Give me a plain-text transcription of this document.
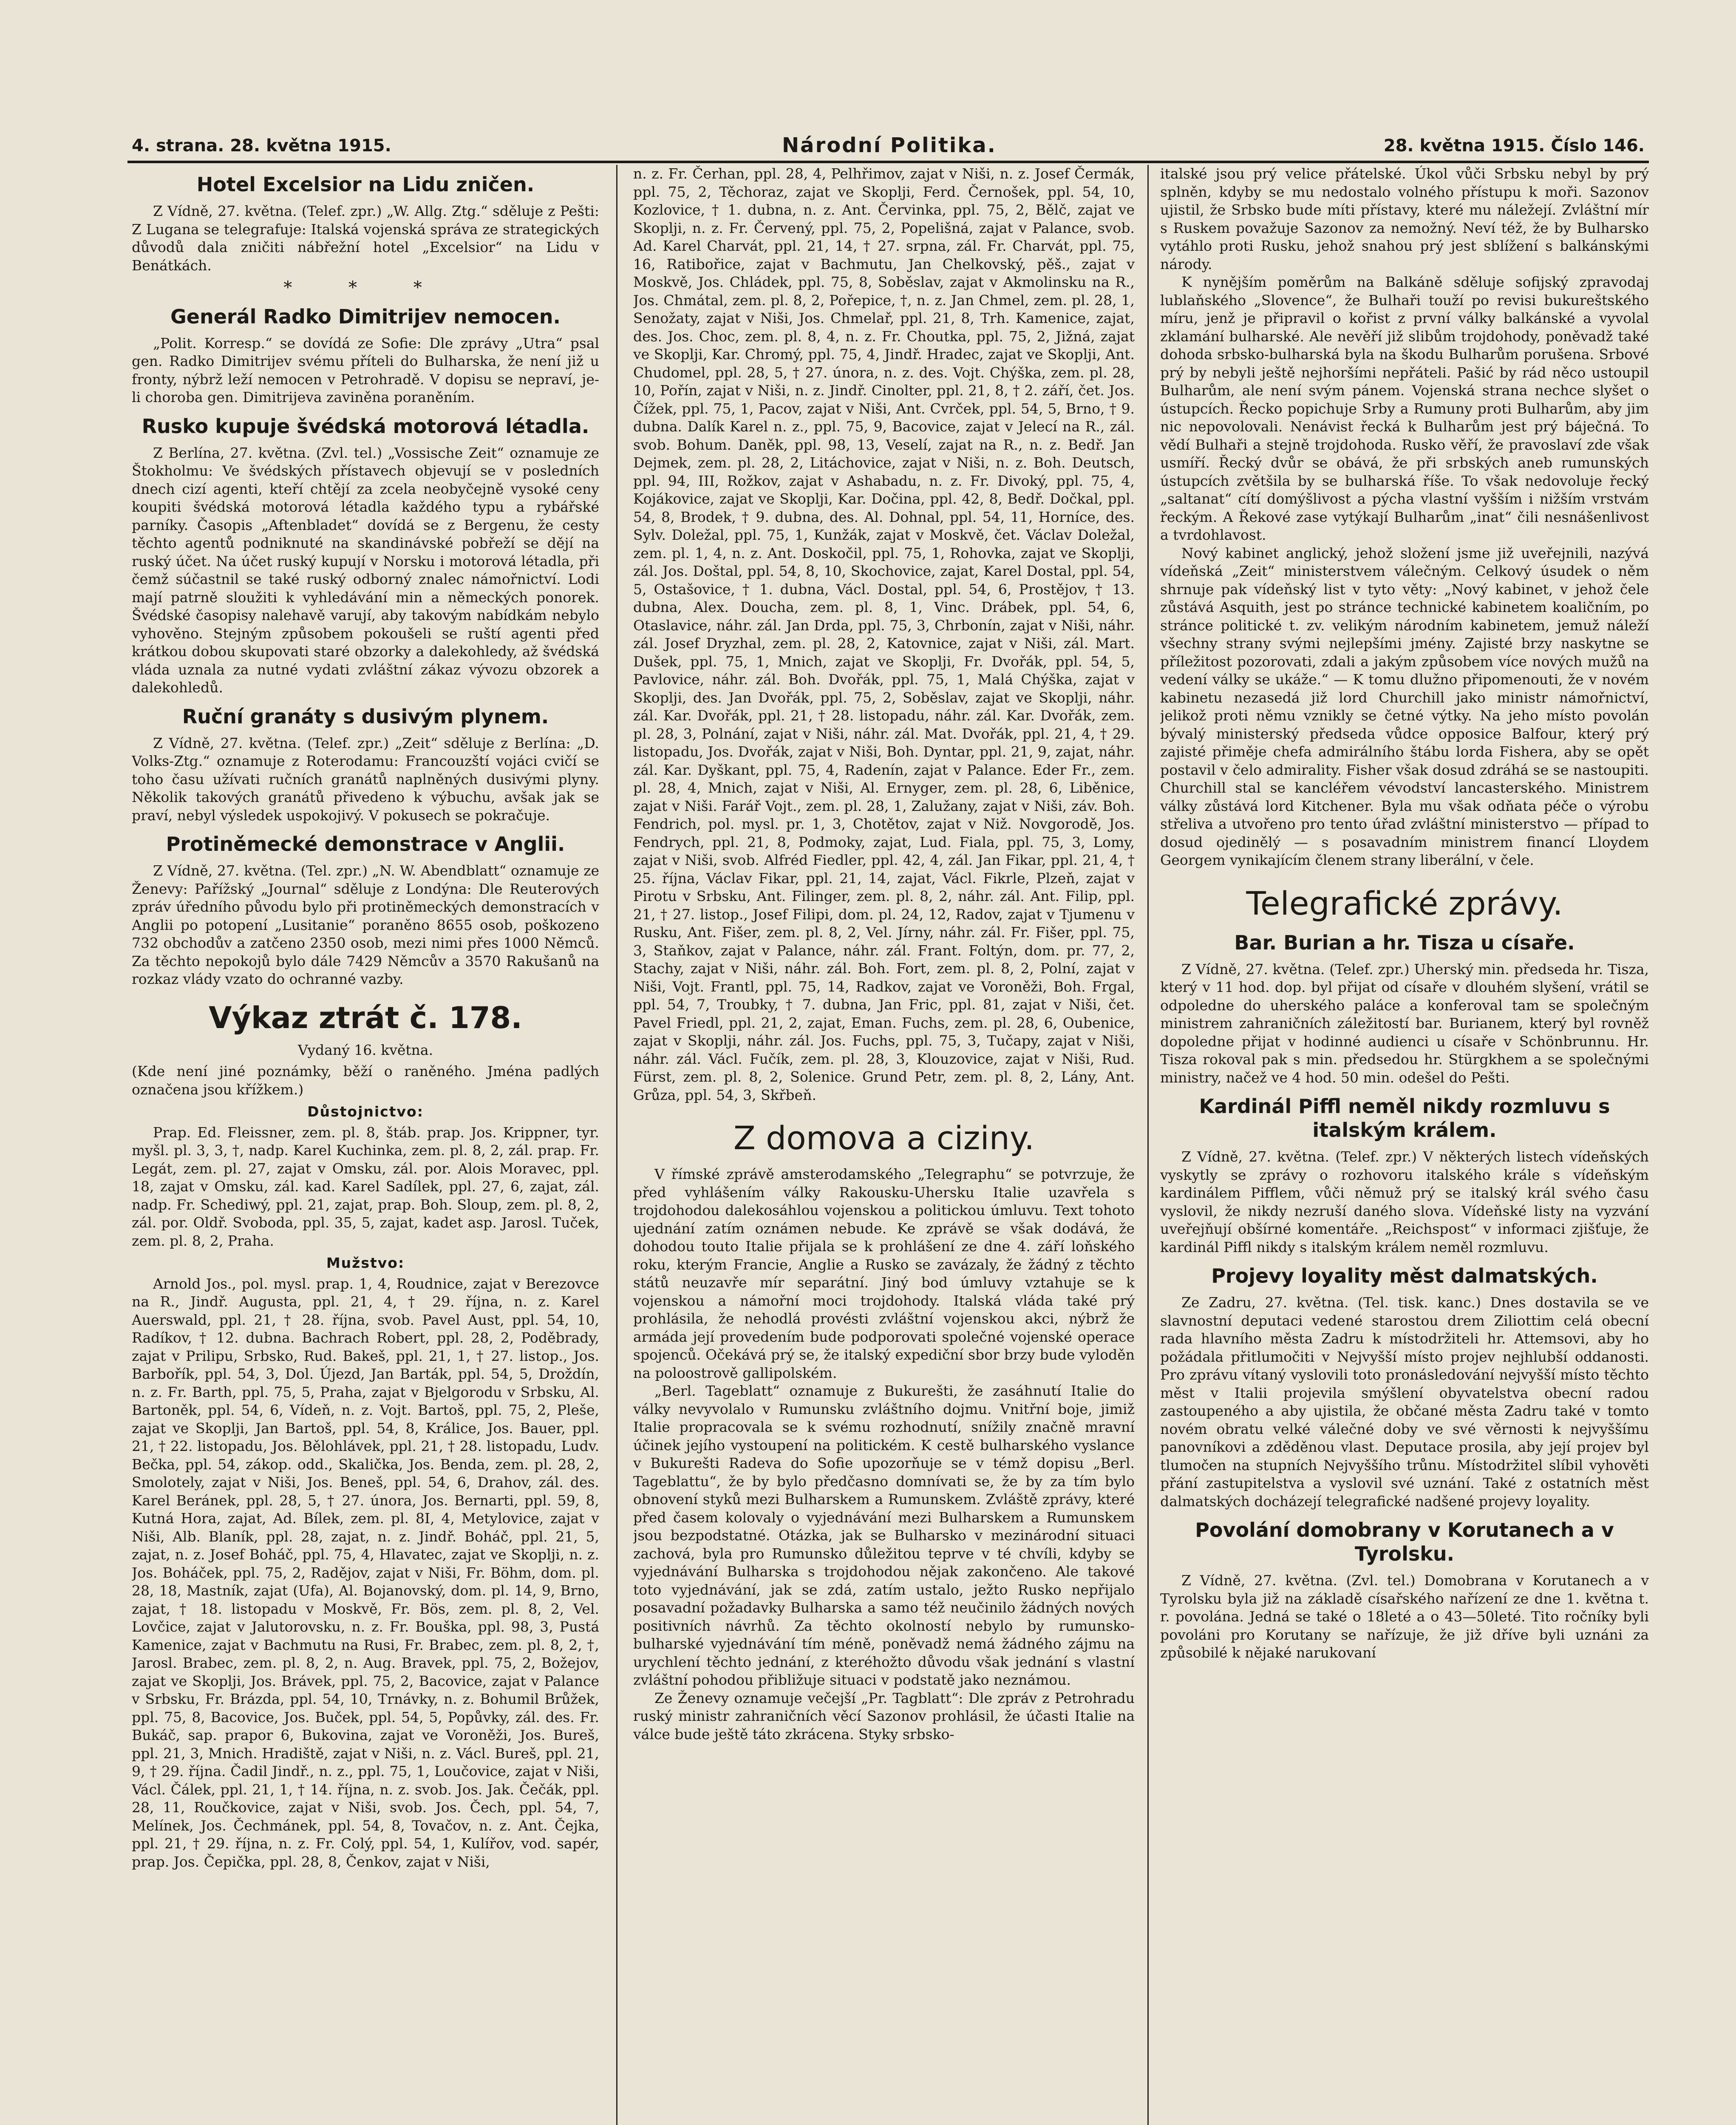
4. strana. 28. května 1915.	Národní Politika.	28. května 1915. Číslo 146.
Hotel Excelsior na Lidu zničen.

Z Vídně, 27. května. (Telef. zpr.) „W. Allg. Ztg.“ sděluje z Pešti: Z Lugana se telegrafuje: Italská vojenská správa ze strategických důvodů dala zničiti nábřežní hotel „Excelsior“ na Lidu v Benátkách.

* * *
Generál Radko Dimitrijev nemocen.

„Polit. Korresp.“ se dovídá ze Sofie: Dle zprávy „Utra“ psal gen. Radko Dimitrijev svému příteli do Bulharska, že není již u fronty, nýbrž leží nemocen v Petrohradě. V dopisu se nepraví, je-li choroba gen. Dimitrijeva zaviněna poraněním.

Rusko kupuje švédská motorová létadla.

Z Berlína, 27. května. (Zvl. tel.) „Vossische Zeit“ oznamuje ze Štokholmu: Ve švédských přístavech objevují se v posledních dnech cizí agenti, kteří chtějí za zcela neobyčejně vysoké ceny koupiti švédská motorová létadla každého typu a rybářské parníky. Časopis „Aftenbladet“ dovídá se z Bergenu, že cesty těchto agentů podniknuté na skandinávské pobřeží se dějí na ruský účet. Na účet ruský kupují v Norsku i motorová létadla, při čemž súčastnil se také ruský odborný znalec námořnictví. Lodi mají patrně sloužiti k vyhledávání min a německých ponorek. Švédské časopisy nalehavě varují, aby takovým nabídkám nebylo vyhověno. Stejným způsobem pokoušeli se ruští agenti před krátkou dobou skupovati staré obzorky a dalekohledy, až švédská vláda uznala za nutné vydati zvláštní zákaz vývozu obzorek a dalekohledů.

Ruční granáty s dusivým plynem.

Z Vídně, 27. května. (Telef. zpr.) „Zeit“ sděluje z Berlína: „D. Volks-Ztg.“ oznamuje z Roterodamu: Francouzští vojáci cvičí se toho času užívati ručních granátů naplněných dusivými plyny. Několik takových granátů přivedeno k výbuchu, avšak jak se praví, nebyl výsledek uspokojivý. V pokusech se pokračuje.

Protiněmecké demonstrace v Anglii.

Z Vídně, 27. května. (Tel. zpr.) „N. W. Abendblatt“ oznamuje ze Ženevy: Pařížský „Journal“ sděluje z Londýna: Dle Reuterových zpráv úředního původu bylo při protiněmeckých demonstracích v Anglii po potopení „Lusitanie“ poraněno 8655 osob, poškozeno 732 obchodův a zatčeno 2350 osob, mezi nimi přes 1000 Němců. Za těchto nepokojů bylo dále 7429 Němcův a 3570 Rakušanů na rozkaz vlády vzato do ochranné vazby.

Výkaz ztrát č. 178.
Vydaný 16. května.

(Kde není jiné poznámky, běží o raněného. Jména padlých označena jsou křížkem.)

Důstojnictvo:

Prap. Ed. Fleissner, zem. pl. 8, štáb. prap. Jos. Krippner, tyr. myšl. pl. 3, 3, †, nadp. Karel Kuchinka, zem. pl. 8, 2, zál. prap. Fr. Legát, zem. pl. 27, zajat v Omsku, zál. por. Alois Moravec, ppl. 18, zajat v Omsku, zál. kad. Karel Sadílek, ppl. 27, 6, zajat, zál. nadp. Fr. Schediwý, ppl. 21, zajat, prap. Boh. Sloup, zem. pl. 8, 2, zál. por. Oldř. Svoboda, ppl. 35, 5, zajat, kadet asp. Jarosl. Tuček, zem. pl. 8, 2, Praha.

Mužstvo:

Arnold Jos., pol. mysl. prap. 1, 4, Roudnice, zajat v Berezovce na R., Jindř. Augusta, ppl. 21, 4, † 29. října, n. z. Karel Auerswald, ppl. 21, † 28. října, svob. Pavel Aust, ppl. 54, 10, Radíkov, † 12. dubna. Bachrach Robert, ppl. 28, 2, Poděbrady, zajat v Prilipu, Srbsko, Rud. Bakeš, ppl. 21, 1, † 27. listop., Jos. Barbořík, ppl. 54, 3, Dol. Újezd, Jan Barták, ppl. 54, 5, Droždín, n. z. Fr. Barth, ppl. 75, 5, Praha, zajat v Bjelgorodu v Srbsku, Al. Bartoněk, ppl. 54, 6, Vídeň, n. z. Vojt. Bartoš, ppl. 75, 2, Pleše, zajat ve Skoplji, Jan Bartoš, ppl. 54, 8, Králice, Jos. Bauer, ppl. 21, † 22. listopadu, Jos. Bělohlávek, ppl. 21, † 28. listopadu, Ludv. Bečka, ppl. 54, zákop. odd., Skalička, Jos. Benda, zem. pl. 28, 2, Smolotely, zajat v Niši, Jos. Beneš, ppl. 54, 6, Drahov, zál. des. Karel Beránek, ppl. 28, 5, † 27. února, Jos. Bernarti, ppl. 59, 8, Kutná Hora, zajat, Ad. Bílek, zem. pl. 8I, 4, Metylovice, zajat v Niši, Alb. Blaník, ppl. 28, zajat, n. z. Jindř. Boháč, ppl. 21, 5, zajat, n. z. Josef Boháč, ppl. 75, 4, Hlavatec, zajat ve Skoplji, n. z. Jos. Boháček, ppl. 75, 2, Radějov, zajat v Niši, Fr. Böhm, dom. pl. 28, 18, Mastník, zajat (Ufa), Al. Bojanovský, dom. pl. 14, 9, Brno, zajat, † 18. listopadu v Moskvě, Fr. Bös, zem. pl. 8, 2, Vel. Lovčice, zajat v Jalutorovsku, n. z. Fr. Bouška, ppl. 98, 3, Pustá Kamenice, zajat v Bachmutu na Rusi, Fr. Brabec, zem. pl. 8, 2, †, Jarosl. Brabec, zem. pl. 8, 2, n. Aug. Bravek, ppl. 75, 2, Božejov, zajat ve Skoplji, Jos. Brávek, ppl. 75, 2, Bacovice, zajat v Palance v Srbsku, Fr. Brázda, ppl. 54, 10, Trnávky, n. z. Bohumil Brůžek, ppl. 75, 8, Bacovice, Jos. Buček, ppl. 54, 5, Popůvky, zál. des. Fr. Bukáč, sap. prapor 6, Bukovina, zajat ve Voroněži, Jos. Bureš, ppl. 21, 3, Mnich. Hradiště, zajat v Niši, n. z. Václ. Bureš, ppl. 21, 9, † 29. října. Čadil Jindř., n. z., ppl. 75, 1, Loučovice, zajat v Niši, Václ. Čálek, ppl. 21, 1, † 14. října, n. z. svob. Jos. Jak. Čečák, ppl. 28, 11, Roučkovice, zajat v Niši, svob. Jos. Čech, ppl. 54, 7, Melínek, Jos. Čechmánek, ppl. 54, 8, Tovačov, n. z. Ant. Čejka, ppl. 21, † 29. října, n. z. Fr. Colý, ppl. 54, 1, Kulířov, vod. sapér, prap. Jos. Čepička, ppl. 28, 8, Čenkov, zajat v Niši,

n. z. Fr. Čerhan, ppl. 28, 4, Pelhřimov, zajat v Niši, n. z. Josef Čermák, ppl. 75, 2, Těchoraz, zajat ve Skoplji, Ferd. Černošek, ppl. 54, 10, Kozlovice, † 1. dubna, n. z. Ant. Červinka, ppl. 75, 2, Bělč, zajat ve Skoplji, n. z. Fr. Červený, ppl. 75, 2, Popelišná, zajat v Palance, svob. Ad. Karel Charvát, ppl. 21, 14, † 27. srpna, zál. Fr. Charvát, ppl. 75, 16, Ratibořice, zajat v Bachmutu, Jan Chelkovský, pěš., zajat v Moskvě, Jos. Chládek, ppl. 75, 8, Soběslav, zajat v Akmolinsku na R., Jos. Chmátal, zem. pl. 8, 2, Pořepice, †, n. z. Jan Chmel, zem. pl. 28, 1, Senožaty, zajat v Niši, Jos. Chmelař, ppl. 21, 8, Trh. Kamenice, zajat, des. Jos. Choc, zem. pl. 8, 4, n. z. Fr. Choutka, ppl. 75, 2, Jižná, zajat ve Skoplji, Kar. Chromý, ppl. 75, 4, Jindř. Hradec, zajat ve Skoplji, Ant. Chudomel, ppl. 28, 5, † 27. února, n. z. des. Vojt. Chýška, zem. pl. 28, 10, Pořín, zajat v Niši, n. z. Jindř. Cinolter, ppl. 21, 8, † 2. září, čet. Jos. Čížek, ppl. 75, 1, Pacov, zajat v Niši, Ant. Cvrček, ppl. 54, 5, Brno, † 9. dubna. Dalík Karel n. z., ppl. 75, 9, Bacovice, zajat v Jelecí na R., zál. svob. Bohum. Daněk, ppl. 98, 13, Veselí, zajat na R., n. z. Bedř. Jan Dejmek, zem. pl. 28, 2, Litáchovice, zajat v Niši, n. z. Boh. Deutsch, ppl. 94, III, Rožkov, zajat v Ashabadu, n. z. Fr. Divoký, ppl. 75, 4, Kojákovice, zajat ve Skoplji, Kar. Dočina, ppl. 42, 8, Bedř. Dočkal, ppl. 54, 8, Brodek, † 9. dubna, des. Al. Dohnal, ppl. 54, 11, Horníce, des. Sylv. Doležal, ppl. 75, 1, Kunžák, zajat v Moskvě, čet. Václav Doležal, zem. pl. 1, 4, n. z. Ant. Doskočil, ppl. 75, 1, Rohovka, zajat ve Skoplji, zál. Jos. Doštal, ppl. 54, 8, 10, Skochovice, zajat, Karel Dostal, ppl. 54, 5, Ostašovice, † 1. dubna, Václ. Dostal, ppl. 54, 6, Prostějov, † 13. dubna, Alex. Doucha, zem. pl. 8, 1, Vinc. Drábek, ppl. 54, 6, Otaslavice, náhr. zál. Jan Drda, ppl. 75, 3, Chrbonín, zajat v Niši, náhr. zál. Josef Dryzhal, zem. pl. 28, 2, Katovnice, zajat v Niši, zál. Mart. Dušek, ppl. 75, 1, Mnich, zajat ve Skoplji, Fr. Dvořák, ppl. 54, 5, Pavlovice, náhr. zál. Boh. Dvořák, ppl. 75, 1, Malá Chýška, zajat v Skoplji, des. Jan Dvořák, ppl. 75, 2, Soběslav, zajat ve Skoplji, náhr. zál. Kar. Dvořák, ppl. 21, † 28. listopadu, náhr. zál. Kar. Dvořák, zem. pl. 28, 3, Polnání, zajat v Niši, náhr. zál. Mat. Dvořák, ppl. 21, 4, † 29. listopadu, Jos. Dvořák, zajat v Niši, Boh. Dyntar, ppl. 21, 9, zajat, náhr. zál. Kar. Dyškant, ppl. 75, 4, Radenín, zajat v Palance. Eder Fr., zem. pl. 28, 4, Mnich, zajat v Niši, Al. Ernyger, zem. pl. 28, 6, Liběnice, zajat v Niši. Farář Vojt., zem. pl. 28, 1, Zalužany, zajat v Niši, záv. Boh. Fendrich, pol. mysl. pr. 1, 3, Chotětov, zajat v Niž. Novgorodě, Jos. Fendrych, ppl. 21, 8, Podmoky, zajat, Lud. Fiala, ppl. 75, 3, Lomy, zajat v Niši, svob. Alfréd Fiedler, ppl. 42, 4, zál. Jan Fikar, ppl. 21, 4, † 25. října, Václav Fikar, ppl. 21, 14, zajat, Václ. Fikrle, Plzeň, zajat v Pirotu v Srbsku, Ant. Filinger, zem. pl. 8, 2, náhr. zál. Ant. Filip, ppl. 21, † 27. listop., Josef Filipi, dom. pl. 24, 12, Radov, zajat v Tjumenu v Rusku, Ant. Fišer, zem. pl. 8, 2, Vel. Jírny, náhr. zál. Fr. Fišer, ppl. 75, 3, Staňkov, zajat v Palance, náhr. zál. Frant. Foltýn, dom. pr. 77, 2, Stachy, zajat v Niši, náhr. zál. Boh. Fort, zem. pl. 8, 2, Polní, zajat v Niši, Vojt. Frantl, ppl. 75, 14, Radkov, zajat ve Voroněži, Boh. Frgal, ppl. 54, 7, Troubky, † 7. dubna, Jan Fric, ppl. 81, zajat v Niši, čet. Pavel Friedl, ppl. 21, 2, zajat, Eman. Fuchs, zem. pl. 28, 6, Oubenice, zajat v Skoplji, náhr. zál. Jos. Fuchs, ppl. 75, 3, Tučapy, zajat v Niši, náhr. zál. Václ. Fučík, zem. pl. 28, 3, Klouzovice, zajat v Niši, Rud. Fürst, zem. pl. 8, 2, Solenice. Grund Petr, zem. pl. 8, 2, Lány, Ant. Grůza, ppl. 54, 3, Skřbeň.

Z domova a ciziny.

V římské zprávě amsterodamského „Telegraphu“ se potvrzuje, že před vyhlášením války Rakousku-Uhersku Italie uzavřela s trojdohodou dalekosáhlou vojenskou a politickou úmluvu. Text tohoto ujednání zatím oznámen nebude. Ke zprávě se však dodává, že dohodou touto Italie přijala se k prohlášení ze dne 4. září loňského roku, kterým Francie, Anglie a Rusko se zavázaly, že žádný z těchto států neuzavře mír separátní. Jiný bod úmluvy vztahuje se k vojenskou a námořní moci trojdohody. Italská vláda také prý prohlásila, že nehodlá provésti zvláštní vojenskou akci, nýbrž že armáda její provedením bude podporovati společné vojenské operace spojenců. Očekává prý se, že italský expediční sbor brzy bude vyloděn na poloostrově gallipolském.

„Berl. Tageblatt“ oznamuje z Bukurešti, že zasáhnutí Italie do války nevyvolalo v Rumunsku zvláštního dojmu. Vnitřní boje, jimiž Italie propracovala se k svému rozhodnutí, snížily značně mravní účinek jejího vystoupení na politickém. K cestě bulharského vyslance v Bukurešti Radeva do Sofie upozorňuje se v témž dopisu „Berl. Tageblattu“, že by bylo předčasno domnívati se, že by za tím bylo obnovení styků mezi Bulharskem a Rumunskem. Zvláště zprávy, které před časem kolovaly o vyjednávání mezi Bulharskem a Rumunskem jsou bezpodstatné. Otázka, jak se Bulharsko v mezinárodní situaci zachová, byla pro Rumunsko důležitou teprve v té chvíli, kdyby se vyjednávání Bulharska s trojdohodou nějak zakončeno. Ale takové toto vyjednávání, jak se zdá, zatím ustalo, ježto Rusko nepřijalo posavadní požadavky Bulharska a samo též neučinilo žádných nových positivních návrhů. Za těchto okolností nebylo by rumunsko-bulharské vyjednávání tím méně, poněvadž nemá žádného zájmu na urychlení těchto jednání, z kteréhožto důvodu však jednání s vlastní zvláštní pohodou přibližuje situaci v podstatě jako neznámou.

Ze Ženevy oznamuje večejší „Pr. Tagblatt“: Dle zpráv z Petrohradu ruský ministr zahraničních věcí Sazonov prohlásil, že účasti Italie na válce bude ještě táto zkrácena. Styky srbsko-

italské jsou prý velice přátelské. Úkol vůči Srbsku nebyl by prý splněn, kdyby se mu nedostalo volného přístupu k moři. Sazonov ujistil, že Srbsko bude míti přístavy, které mu náležejí. Zvláštní mír s Ruskem považuje Sazonov za nemožný. Neví též, že by Bulharsko vytáhlo proti Rusku, jehož snahou prý jest sblížení s balkánskými národy.

K nynějším poměrům na Balkáně sděluje sofijský zpravodaj lublaňského „Slovence“, že Bulhaři touží po revisi bukureštského míru, jenž je připravil o kořist z první války balkánské a vyvolal zklamání bulharské. Ale nevěří již slibům trojdohody, poněvadž také dohoda srbsko-bulharská byla na škodu Bulharům porušena. Srbové prý by nebyli ještě nejhoršími nepřáteli. Pašić by rád něco ustoupil Bulharům, ale není svým pánem. Vojenská strana nechce slyšet o ústupcích. Řecko popichuje Srby a Rumuny proti Bulharům, aby jim nic nepovolovali. Nenávist řecká k Bulharům jest prý báječná. To vědí Bulhaři a stejně trojdohoda. Rusko věří, že pravoslaví zde však usmíří. Řecký dvůr se obává, že při srbských aneb rumunských ústupcích zvětšila by se bulharská říše. To však nedovoluje řecký „saltanat“ cítí domýšlivost a pýcha vlastní vyšším i nižším vrstvám řeckým. A Řekové zase vytýkají Bulharům „inat“ čili nesnášenlivost a tvrdohlavost.

Nový kabinet anglický, jehož složení jsme již uveřejnili, nazývá vídeňská „Zeit“ ministerstvem válečným. Celkový úsudek o něm shrnuje pak vídeňský list v tyto věty: „Nový kabinet, v jehož čele zůstává Asquith, jest po stránce technické kabinetem koaličním, po stránce politické t. zv. velikým národním kabinetem, jemuž náleží všechny strany svými nejlepšími jmény. Zajisté brzy naskytne se příležitost pozorovati, zdali a jakým způsobem více nových mužů na vedení války se ukáže.“ — K tomu dlužno připomenouti, že v novém kabinetu nezasedá již lord Churchill jako ministr námořnictví, jelikož proti němu vznikly se četné výtky. Na jeho místo povolán bývalý ministerský předseda vůdce opposice Balfour, který prý zajisté přiměje chefa admirálního štábu lorda Fishera, aby se opět postavil v čelo admirality. Fisher však dosud zdráhá se se nastoupiti. Churchill stal se kancléřem vévodství lancasterského. Ministrem války zůstává lord Kitchener. Byla mu však odňata péče o výrobu střeliva a utvořeno pro tento úřad zvláštní ministerstvo — případ to dosud ojedinělý — s posavadním ministrem financí Lloydem Georgem vynikajícím členem strany liberální, v čele.

Telegrafické zprávy.
Bar. Burian a hr. Tisza u císaře.

Z Vídně, 27. května. (Telef. zpr.) Uherský min. předseda hr. Tisza, který v 11 hod. dop. byl přijat od císaře v dlouhém slyšení, vrátil se odpoledne do uherského paláce a konferoval tam se společným ministrem zahraničních záležitostí bar. Burianem, který byl rovněž dopoledne přijat v hodinné audienci u císaře v Schönbrunnu. Hr. Tisza rokoval pak s min. předsedou hr. Stürgkhem a se společnými ministry, načež ve 4 hod. 50 min. odešel do Pešti.

Kardinál Piffl neměl nikdy rozmluvu s italským králem.

Z Vídně, 27. května. (Telef. zpr.) V některých listech vídeňských vyskytly se zprávy o rozhovoru italského krále s vídeňským kardinálem Pifflem, vůči němuž prý se italský král svého času vyslovil, že nikdy nezruší daného slova. Vídeňské listy na vyzvání uveřejňují obšírné komentáře. „Reichspost“ v informaci zjišťuje, že kardinál Piffl nikdy s italským králem neměl rozmluvu.

Projevy loyality měst dalmatských.

Ze Zadru, 27. května. (Tel. tisk. kanc.) Dnes dostavila se ve slavnostní deputaci vedené starostou drem Ziliottim celá obecní rada hlavního města Zadru k místodržiteli hr. Attemsovi, aby ho požádala přitlumočiti v Nejvyšší místo projev nejhlubší oddanosti. Pro zprávu vítaný vyslovili toto pronásledování nejvyšší místo těchto měst v Italii projevila smýšlení obyvatelstva obecní radou zastoupeného a aby ujistila, že občané města Zadru také v tomto novém obratu velké válečné doby ve své věrnosti k nejvyššímu panovníkovi a zděděnou vlast. Deputace prosila, aby její projev byl tlumočen na stupních Nejvyššího trůnu. Místodržitel slíbil vyhověti přání zastupitelstva a vyslovil své uznání. Také z ostatních měst dalmatských docházejí telegrafické nadšené projevy loyality.

Povolání domobrany v Korutanech a v Tyrolsku.

Z Vídně, 27. května. (Zvl. tel.) Domobrana v Korutanech a v Tyrolsku byla již na základě císařského nařízení ze dne 1. května t. r. povolána. Jedná se také o 18leté a o 43—50leté. Tito ročníky byli povoláni pro Korutany se nařízuje, že již dříve byli uznáni za způsobilé k nějaké narukovaní
